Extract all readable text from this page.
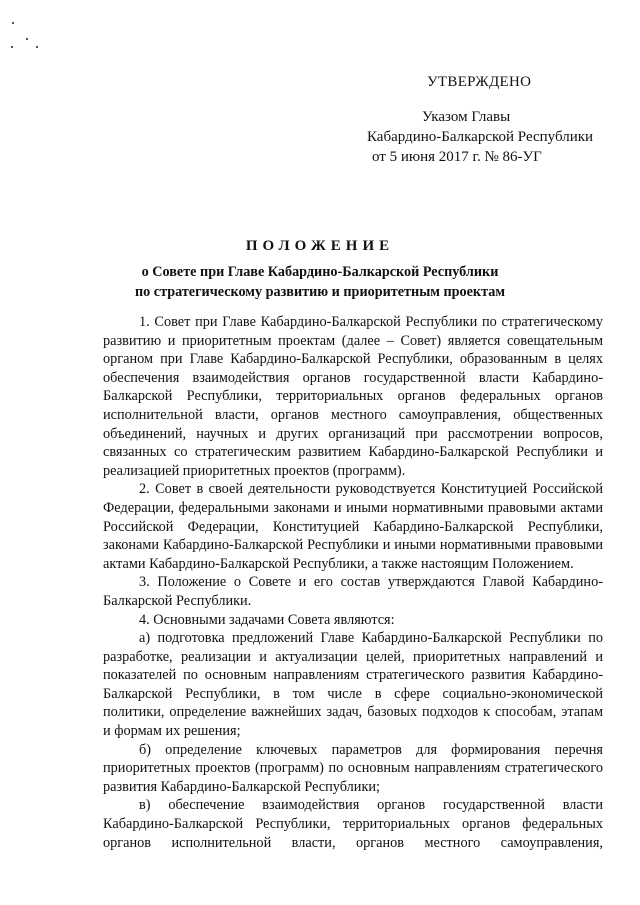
УТВЕРЖДЕНО
Указом Главы
Кабардино-Балкарской Республики
от 5 июня 2017 г. № 86-УГ
ПОЛОЖЕНИЕ
о Совете при Главе Кабардино-Балкарской Республики
по стратегическому развитию и приоритетным проектам

1. Совет при Главе Кабардино-Балкарской Республики по стратегическому развитию и приоритетным проектам (далее – Совет) является совещательным органом при Главе Кабардино-Балкарской Республики, образованным в целях обеспечения взаимодействия органов государственной власти Кабардино-Балкарской Республики, территориальных органов федеральных органов исполнительной власти, органов местного самоуправления, общественных объединений, научных и других организаций при рассмотрении вопросов, связанных со стратегическим развитием Кабардино-Балкарской Республики и реализацией приоритетных проектов (программ).

2. Совет в своей деятельности руководствуется Конституцией Российской Федерации, федеральными законами и иными нормативными правовыми актами Российской Федерации, Конституцией Кабардино-Балкарской Республики, законами Кабардино-Балкарской Республики и иными нормативными правовыми актами Кабардино-Балкарской Республики, а также настоящим Положением.

3. Положение о Совете и его состав утверждаются Главой Кабардино-Балкарской Республики.

4. Основными задачами Совета являются:

а) подготовка предложений Главе Кабардино-Балкарской Республики по разработке, реализации и актуализации целей, приоритетных направлений и показателей по основным направлениям стратегического развития Кабардино-Балкарской Республики, в том числе в сфере социально-экономической политики, определение важнейших задач, базовых подходов к способам, этапам и формам их решения;

б) определение ключевых параметров для формирования перечня приоритетных проектов (программ) по основным направлениям стратегического развития Кабардино-Балкарской Республики;

в) обеспечение взаимодействия органов государственной власти Кабардино-Балкарской Республики, территориальных органов федеральных органов исполнительной власти, органов местного самоуправления,
